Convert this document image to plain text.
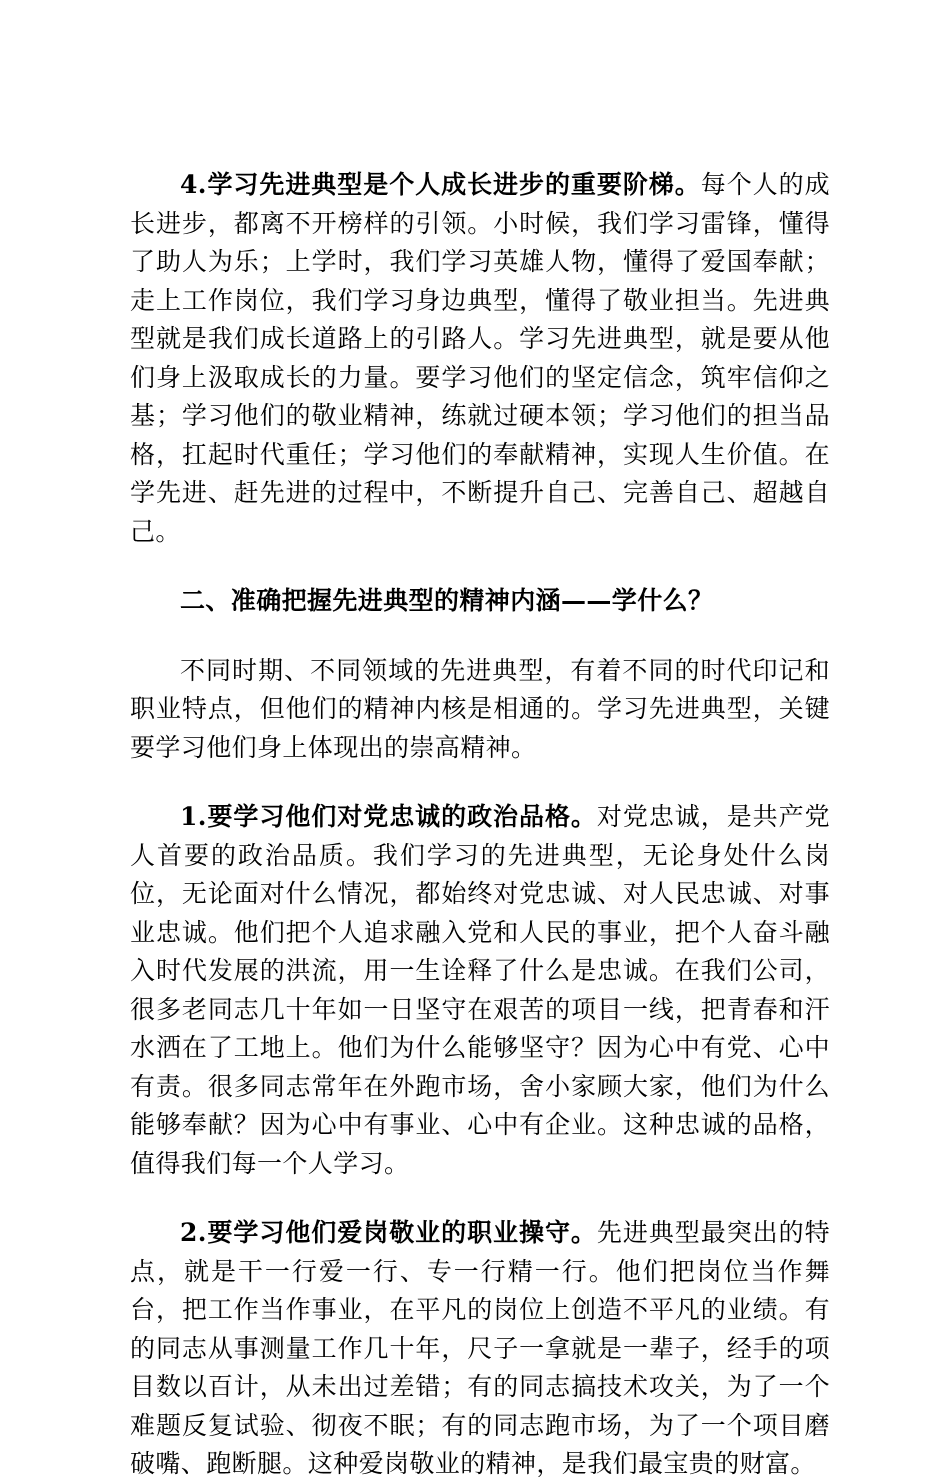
4.学习先进典型是个人成长进步的重要阶梯。每个人的成长进步，都离不开榜样的引领。小时候，我们学习雷锋，懂得了助人为乐；上学时，我们学习英雄人物，懂得了爱国奉献；走上工作岗位，我们学习身边典型，懂得了敬业担当。先进典型就是我们成长道路上的引路人。学习先进典型，就是要从他们身上汲取成长的力量。要学习他们的坚定信念，筑牢信仰之基；学习他们的敬业精神，练就过硬本领；学习他们的担当品格，扛起时代重任；学习他们的奉献精神，实现人生价值。在学先进、赶先进的过程中，不断提升自己、完善自己、超越自己。

二、准确把握先进典型的精神内涵——学什么？

不同时期、不同领域的先进典型，有着不同的时代印记和职业特点，但他们的精神内核是相通的。学习先进典型，关键要学习他们身上体现出的崇高精神。

1.要学习他们对党忠诚的政治品格。对党忠诚，是共产党人首要的政治品质。我们学习的先进典型，无论身处什么岗位，无论面对什么情况，都始终对党忠诚、对人民忠诚、对事业忠诚。他们把个人追求融入党和人民的事业，把个人奋斗融入时代发展的洪流，用一生诠释了什么是忠诚。在我们公司，很多老同志几十年如一日坚守在艰苦的项目一线，把青春和汗水洒在了工地上。他们为什么能够坚守？因为心中有党、心中有责。很多同志常年在外跑市场，舍小家顾大家，他们为什么能够奉献？因为心中有事业、心中有企业。这种忠诚的品格，值得我们每一个人学习。

2.要学习他们爱岗敬业的职业操守。先进典型最突出的特点，就是干一行爱一行、专一行精一行。他们把岗位当作舞台，把工作当作事业，在平凡的岗位上创造不平凡的业绩。有的同志从事测量工作几十年，尺子一拿就是一辈子，经手的项目数以百计，从未出过差错；有的同志搞技术攻关，为了一个难题反复试验、彻夜不眠；有的同志跑市场，为了一个项目磨破嘴、跑断腿。这种爱岗敬业的精神，是我们最宝贵的财富。
